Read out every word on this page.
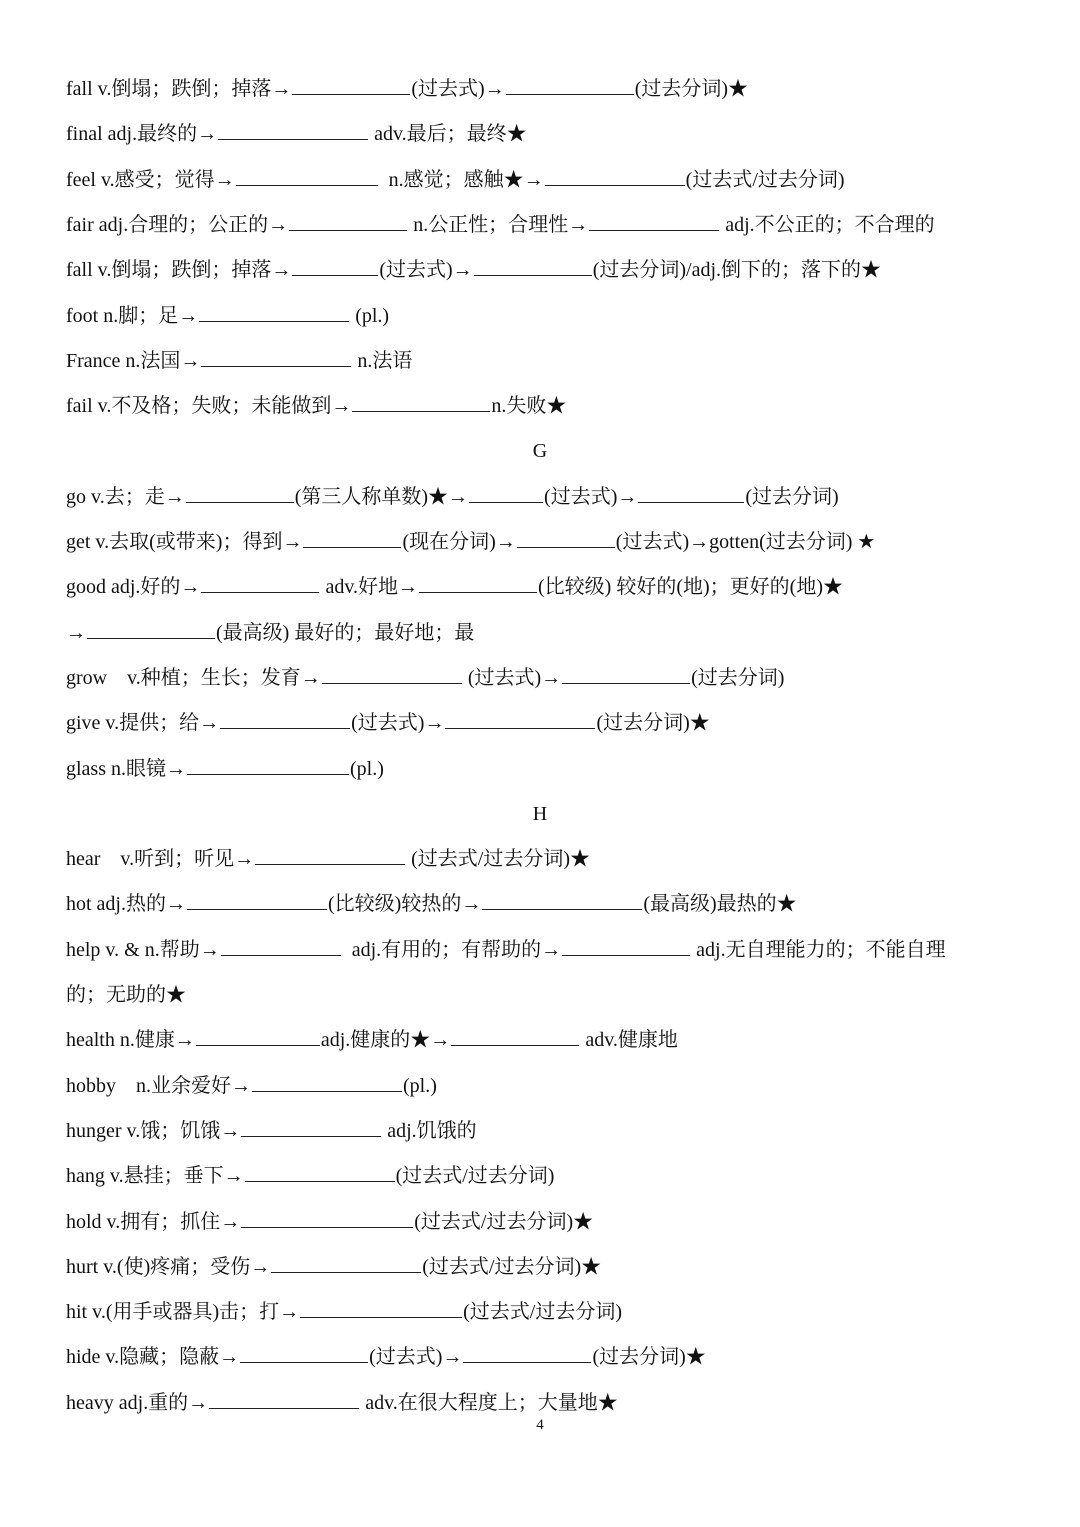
fall v.倒塌；跌倒；掉落→	(过去式)→	(过去分词)★
final adj.最终的→	adv.最后；最终★
feel v.感受；觉得→	n.感觉；感触★→	(过去式/过去分词)
fair adj.合理的；公正的→	n.公正性；合理性→	adj.不公正的；不合理的
fall v.倒塌；跌倒；掉落→	(过去式)→	(过去分词)/adj.倒下的；落下的★
foot n.脚；足→	(pl.)
France n.法国→	n.法语
fail v.不及格；失败；未能做到→	n.失败★
G
go v.去；走→	(第三人称单数)★→	(过去式)→	(过去分词)
get v.去取(或带来)；得到→	(现在分词)→	(过去式)→gotten(过去分词) ★
good adj.好的→	adv.好地→	(比较级) 较好的(地)；更好的(地)★
→	(最高级) 最好的；最好地；最
grow    v.种植；生长；发育→	(过去式)→	(过去分词)
give v.提供；给→	(过去式)→	(过去分词)★
glass n.眼镜→	(pl.)
H
hear    v.听到；听见→	(过去式/过去分词)★
hot adj.热的→	(比较级)较热的→	(最高级)最热的★
help v. & n.帮助→	adj.有用的；有帮助的→	adj.无自理能力的；不能自理
的；无助的★
health n.健康→	adj.健康的★→	adv.健康地
hobby    n.业余爱好→	(pl.)
hunger v.饿；饥饿→	adj.饥饿的
hang v.悬挂；垂下→	(过去式/过去分词)
hold v.拥有；抓住→	(过去式/过去分词)★
hurt v.(使)疼痛；受伤→	(过去式/过去分词)★
hit v.(用手或器具)击；打→	(过去式/过去分词)
hide v.隐藏；隐蔽→	(过去式)→	(过去分词)★
heavy adj.重的→	adv.在很大程度上；大量地★
4
